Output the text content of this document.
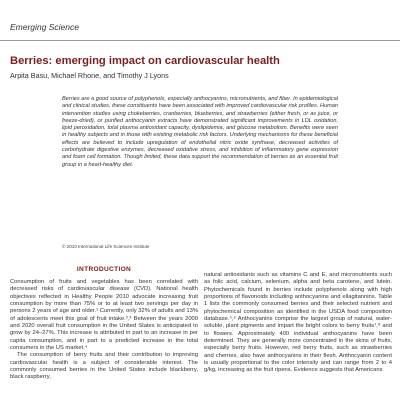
Emerging Science
Berries: emerging impact on cardiovascular health
Arpita Basu, Michael Rhone, and Timothy J Lyons
Berries are a good source of polyphenols, especially anthocyanins, micronutrients, and fiber. In epidemiological and clinical studies, these constituents have been associated with improved cardiovascular risk profiles. Human intervention studies using chokeberries, cranberries, blueberries, and strawberries (either fresh, or as juice, or freeze-dried), or purified anthocyanin extracts have demonstrated significant improvements in LDL oxidation, lipid peroxidation, total plasma antioxidant capacity, dyslipidemia, and glucose metabolism. Benefits were seen in healthy subjects and in those with existing metabolic risk factors. Underlying mechanisms for these beneficial effects are believed to include upregulation of endothelial nitric oxide synthase, decreased activities of carbohydrate digestive enzymes, decreased oxidative stress, and inhibition of inflammatory gene expression and foam cell formation. Though limited, these data support the recommendation of berries as an essential fruit group in a heart-healthy diet.
© 2010 International Life Sciences Institute
INTRODUCTION

Consumption of fruits and vegetables has been correlated with decreased risks of cardiovascular disease (CVD). National health objectives reflected in Healthy People 2010 advocate increasing fruit consumption by more than 75% or to at least two servings per day in persons 2 years of age and older.¹ Currently, only 32% of adults and 13% of adolescents meet this goal of fruit intake.²,³ Between the years 2000 and 2020 overall fruit consumption in the United States is anticipated to grow by 24–27%. This increase is attributed in part to an increase in per capita consumption, and in part to a predicted increase in the total consumers in the US market.⁴

The consumption of berry fruits and their contribution to improving cardiovascular health is a subject of considerable interest. The commonly consumed berries in the United States include blackberry, black raspberry,

natural antioxidants such as vitamins C and E, and micronutrients such as folic acid, calcium, selenium, alpha and beta carotene, and lutein. Phytochemicals found in berries include polyphenols along with high proportions of flavonoids including anthocyanins and ellagitannins. Table 1 lists the commonly consumed berries and their selected nutrient and phytochemical composition as identified in the USDA food composition database.⁵,⁶ Anthocyanins comprise the largest group of natural, water-soluble, plant pigments and impart the bright colors to berry fruits⁷,⁸ and to flowers. Approximately 400 individual anthocyanins have been determined. They are generally more concentrated in the skins of fruits, especially berry fruits. However, red berry fruits, such as strawberries and cherries, also have anthocyanins in their flesh. Anthocyanin content is usually proportional to the color intensity and can range from 2 to 4 g/kg, increasing as the fruit ripens. Evidence suggests that Americans
